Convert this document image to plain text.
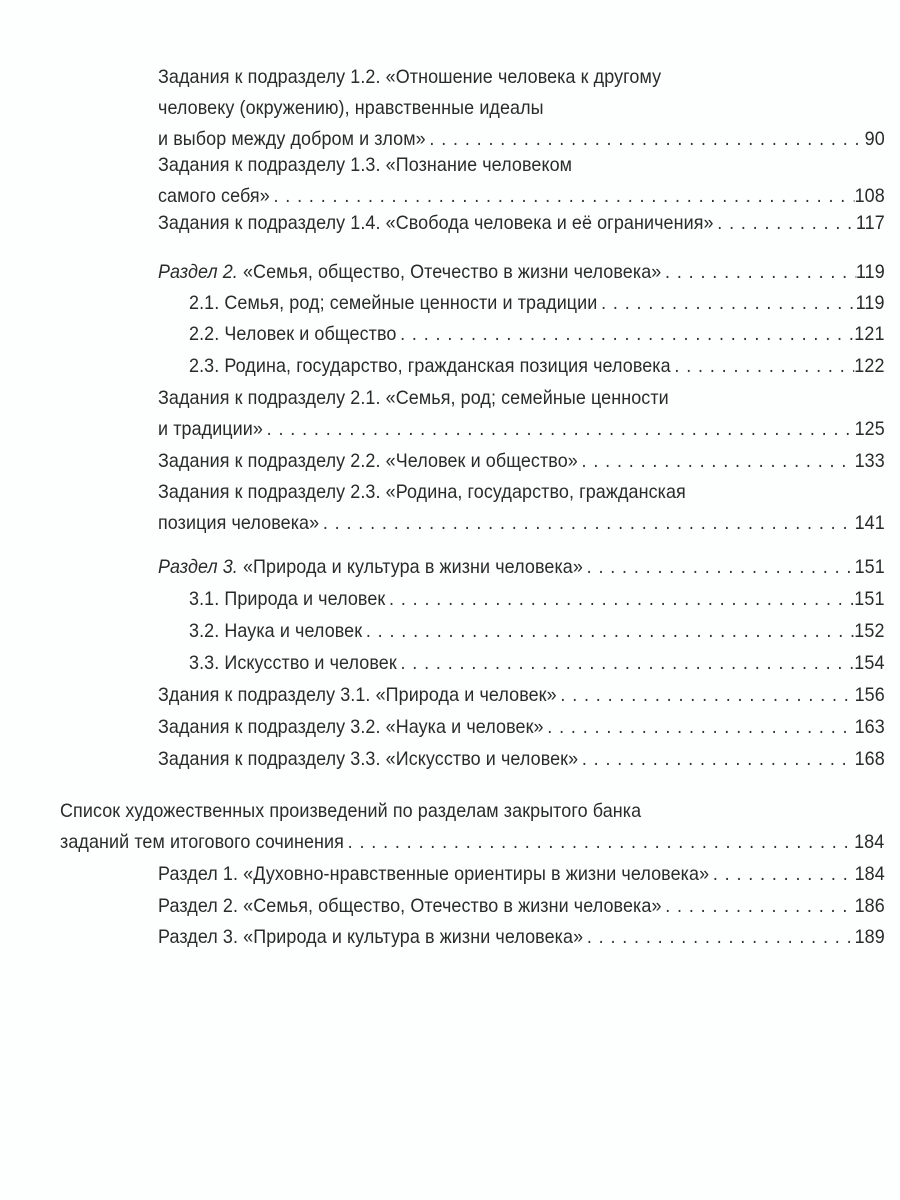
Задания к подразделу 1.2. «Отношение человека к другому
человеку (окружению), нравственные идеалы
и выбор между добром и злом» . . .	90
Задания к подразделу 1.3. «Познание человеком
самого себя» . . .	108
Задания к подразделу 1.4. «Свобода человека и её ограничения» . . .	117
Раздел 2. «Семья, общество, Отечество в жизни человека» . . .	119
2.1. Семья, род; семейные ценности и традиции . . .	119
2.2. Человек и общество . . .	121
2.3. Родина, государство, гражданская позиция человека . . .	122
Задания к подразделу 2.1. «Семья, род; семейные ценности
и традиции» . . .	125
Задания к подразделу 2.2. «Человек и общество» . . .	133
Задания к подразделу 2.3. «Родина, государство, гражданская
позиция человека» . . .	141
Раздел 3. «Природа и культура в жизни человека» . . .	151
3.1. Природа и человек . . .	151
3.2. Наука и человек . . .	152
3.3. Искусство и человек . . .	154
Здания к подразделу 3.1. «Природа и человек» . . .	156
Задания к подразделу 3.2. «Наука и человек» . . .	163
Задания к подразделу 3.3. «Искусство и человек» . . .	168
Список художественных произведений по разделам закрытого банка
заданий тем итогового сочинения . . .	184
Раздел 1. «Духовно-нравственные ориентиры в жизни человека» . . .	184
Раздел 2. «Семья, общество, Отечество в жизни человека» . . .	186
Раздел 3. «Природа и культура в жизни человека» . . .	189
